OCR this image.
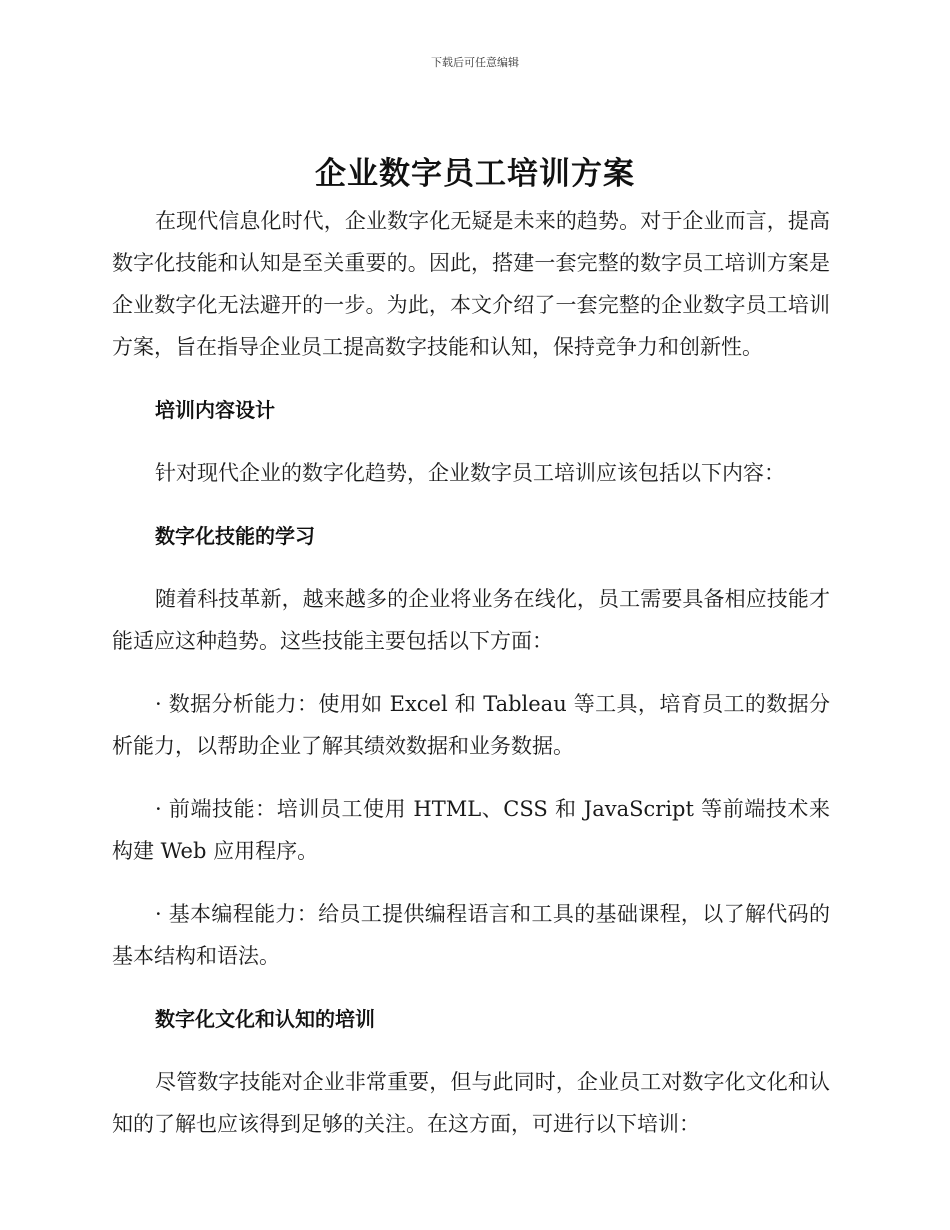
下载后可任意编辑
企业数字员工培训方案

在现代信息化时代，企业数字化无疑是未来的趋势。对于企业而言，提高数字化技能和认知是至关重要的。因此，搭建一套完整的数字员工培训方案是企业数字化无法避开的一步。为此，本文介绍了一套完整的企业数字员工培训方案，旨在指导企业员工提高数字技能和认知，保持竞争力和创新性。

培训内容设计

针对现代企业的数字化趋势，企业数字员工培训应该包括以下内容：

数字化技能的学习

随着科技革新，越来越多的企业将业务在线化，员工需要具备相应技能才能适应这种趋势。这些技能主要包括以下方面：

· 数据分析能力：使用如 Excel 和 Tableau 等工具，培育员工的数据分析能力，以帮助企业了解其绩效数据和业务数据。

· 前端技能：培训员工使用 HTML、CSS 和 JavaScript 等前端技术来构建 Web 应用程序。

· 基本编程能力：给员工提供编程语言和工具的基础课程，以了解代码的基本结构和语法。

数字化文化和认知的培训

尽管数字技能对企业非常重要，但与此同时，企业员工对数字化文化和认知的了解也应该得到足够的关注。在这方面，可进行以下培训：
